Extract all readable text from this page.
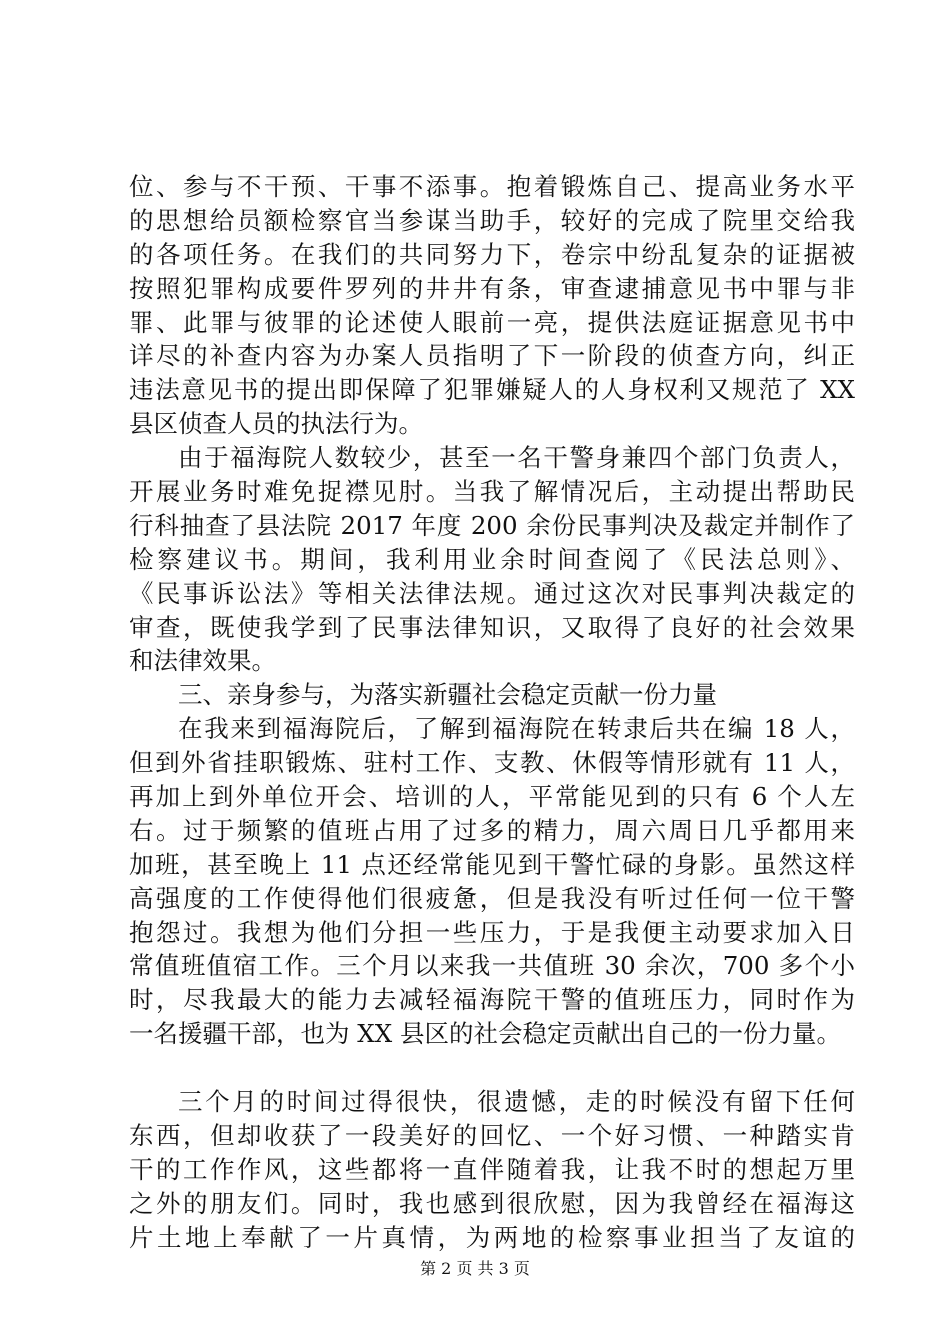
位、参与不干预、干事不添事。抱着锻炼自己、提高业务水平
的思想给员额检察官当参谋当助手，较好的完成了院里交给我
的各项任务。在我们的共同努力下，卷宗中纷乱复杂的证据被
按照犯罪构成要件罗列的井井有条，审查逮捕意见书中罪与非
罪、此罪与彼罪的论述使人眼前一亮，提供法庭证据意见书中
详尽的补查内容为办案人员指明了下一阶段的侦查方向，纠正
违法意见书的提出即保障了犯罪嫌疑人的人身权利又规范了 XX
县区侦查人员的执法行为。
由于福海院人数较少，甚至一名干警身兼四个部门负责人，
开展业务时难免捉襟见肘。当我了解情况后，主动提出帮助民
行科抽查了县法院 2017 年度 200 余份民事判决及裁定并制作了
检察建议书。期间，我利用业余时间查阅了《民法总则》、
《民事诉讼法》等相关法律法规。通过这次对民事判决裁定的
审查，既使我学到了民事法律知识，又取得了良好的社会效果
和法律效果。
三、亲身参与，为落实新疆社会稳定贡献一份力量
在我来到福海院后，了解到福海院在转隶后共在编 18 人，
但到外省挂职锻炼、驻村工作、支教、休假等情形就有 11 人，
再加上到外单位开会、培训的人，平常能见到的只有 6 个人左
右。过于频繁的值班占用了过多的精力，周六周日几乎都用来
加班，甚至晚上 11 点还经常能见到干警忙碌的身影。虽然这样
高强度的工作使得他们很疲惫，但是我没有听过任何一位干警
抱怨过。我想为他们分担一些压力，于是我便主动要求加入日
常值班值宿工作。三个月以来我一共值班 30 余次，700 多个小
时，尽我最大的能力去减轻福海院干警的值班压力，同时作为
一名援疆干部，也为 XX 县区的社会稳定贡献出自己的一份力量。
三个月的时间过得很快，很遗憾，走的时候没有留下任何
东西，但却收获了一段美好的回忆、一个好习惯、一种踏实肯
干的工作作风，这些都将一直伴随着我，让我不时的想起万里
之外的朋友们。同时，我也感到很欣慰，因为我曾经在福海这
片土地上奉献了一片真情，为两地的检察事业担当了友谊的
第 2 页 共 3 页
